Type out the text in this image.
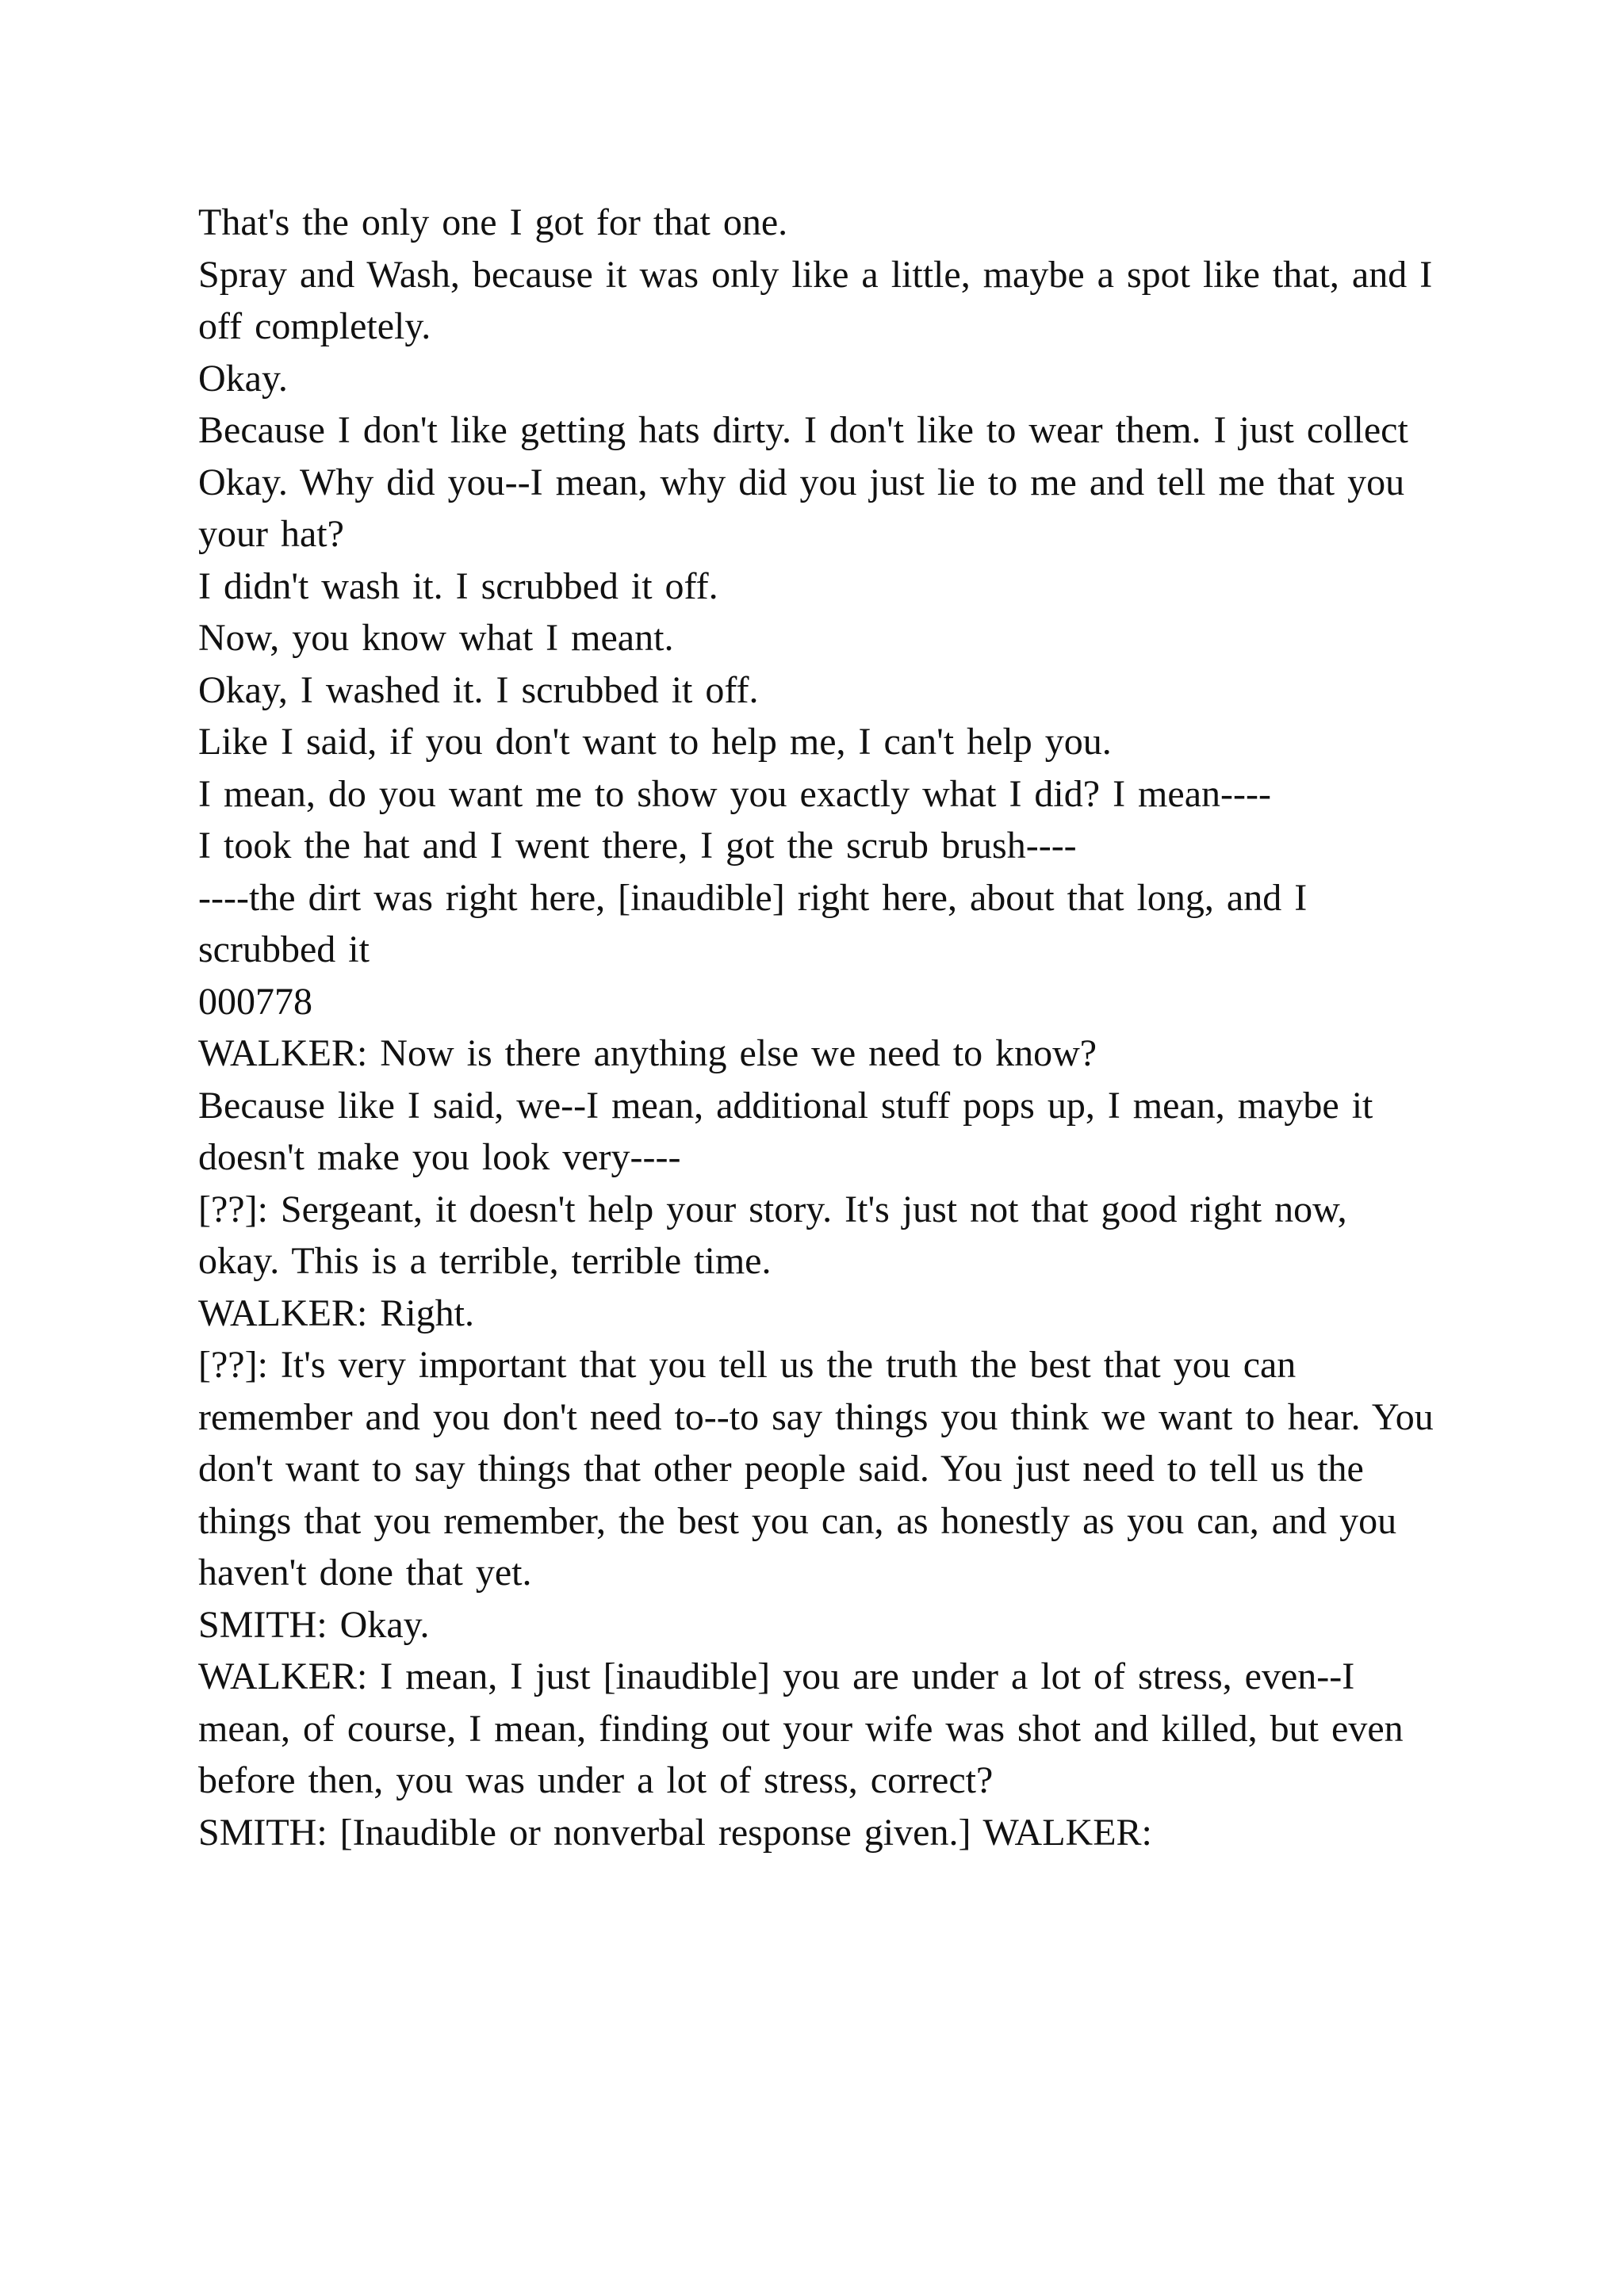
That's the only one I got for that one.
Spray and Wash, because it was only like a little, maybe a spot like that, and I off completely.
Okay.
Because I don't like getting hats dirty. I don't like to wear them. I just collect
Okay. Why did you--I mean, why did you just lie to me and tell me that you your hat?
I didn't wash it. I scrubbed it off.
Now, you know what I meant.
Okay, I washed it. I scrubbed it off.
Like I said, if you don't want to help me, I can't help you.
I mean, do you want me to show you exactly what I did? I mean----
I took the hat and I went there, I got the scrub brush----
----the dirt was right here, [inaudible] right here, about that long, and I scrubbed it
000778
WALKER: Now is there anything else we need to know?
Because like I said, we--I mean, additional stuff pops up, I mean, maybe it doesn't make you look very----
[??]: Sergeant, it doesn't help your story. It's just not that good right now, okay. This is a terrible, terrible time.
WALKER: Right.
[??]: It's very important that you tell us the truth the best that you can remember and you don't need to--to say things you think we want to hear. You don't want to say things that other people said. You just need to tell us the things that you remember, the best you can, as honestly as you can, and you haven't done that yet.
SMITH: Okay.
WALKER: I mean, I just [inaudible] you are under a lot of stress, even--I mean, of course, I mean, finding out your wife was shot and killed, but even before then, you was under a lot of stress, correct?
SMITH: [Inaudible or nonverbal response given.] WALKER:
